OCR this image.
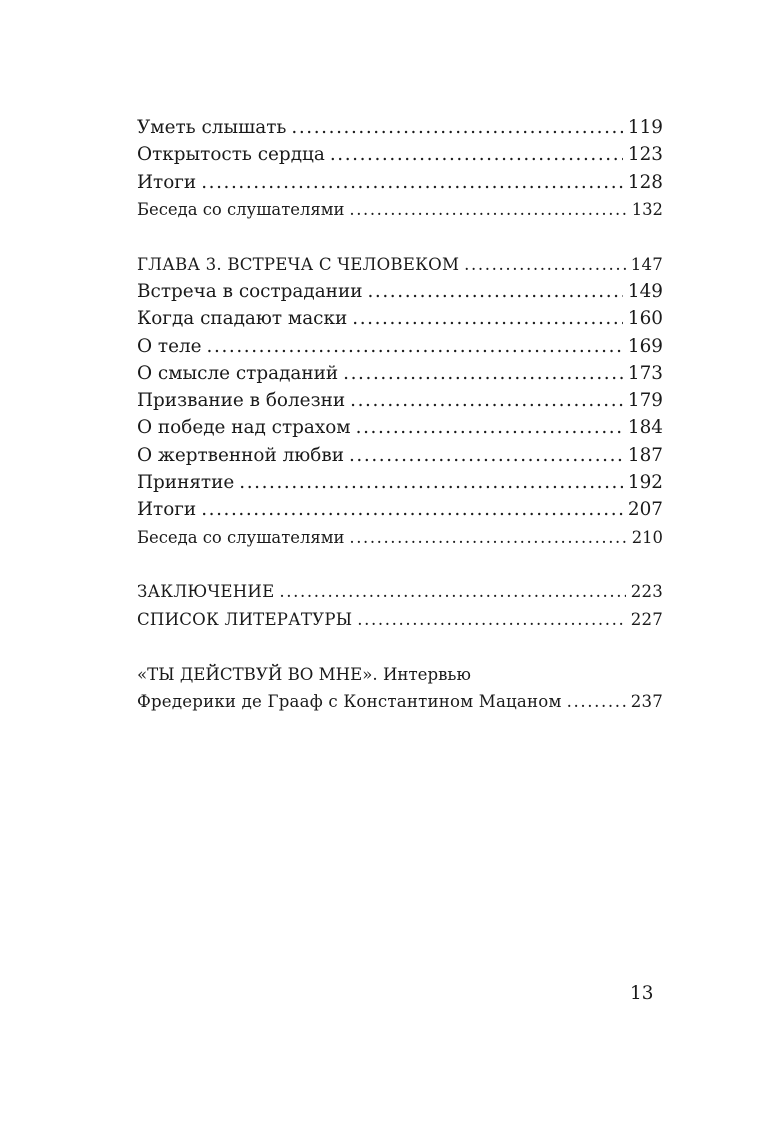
Уметь слышать .....	119
Открытость сердца .....	123
Итоги .....	128
Беседа со слушателями .....	132
ГЛАВА 3. ВСТРЕЧА С ЧЕЛОВЕКОМ .....	147
Встреча в сострадании .....	149
Когда спадают маски .....	160
О теле .....	169
О смысле страданий .....	173
Призвание в болезни .....	179
О победе над страхом .....	184
О жертвенной любви .....	187
Принятие .....	192
Итоги .....	207
Беседа со слушателями .....	210
ЗАКЛЮЧЕНИЕ .....	223
СПИСОК ЛИТЕРАТУРЫ .....	227
«ТЫ ДЕЙСТВУЙ ВО МНЕ». Интервью
Фредерики де Грааф с Константином Мацаном .....	237
13
